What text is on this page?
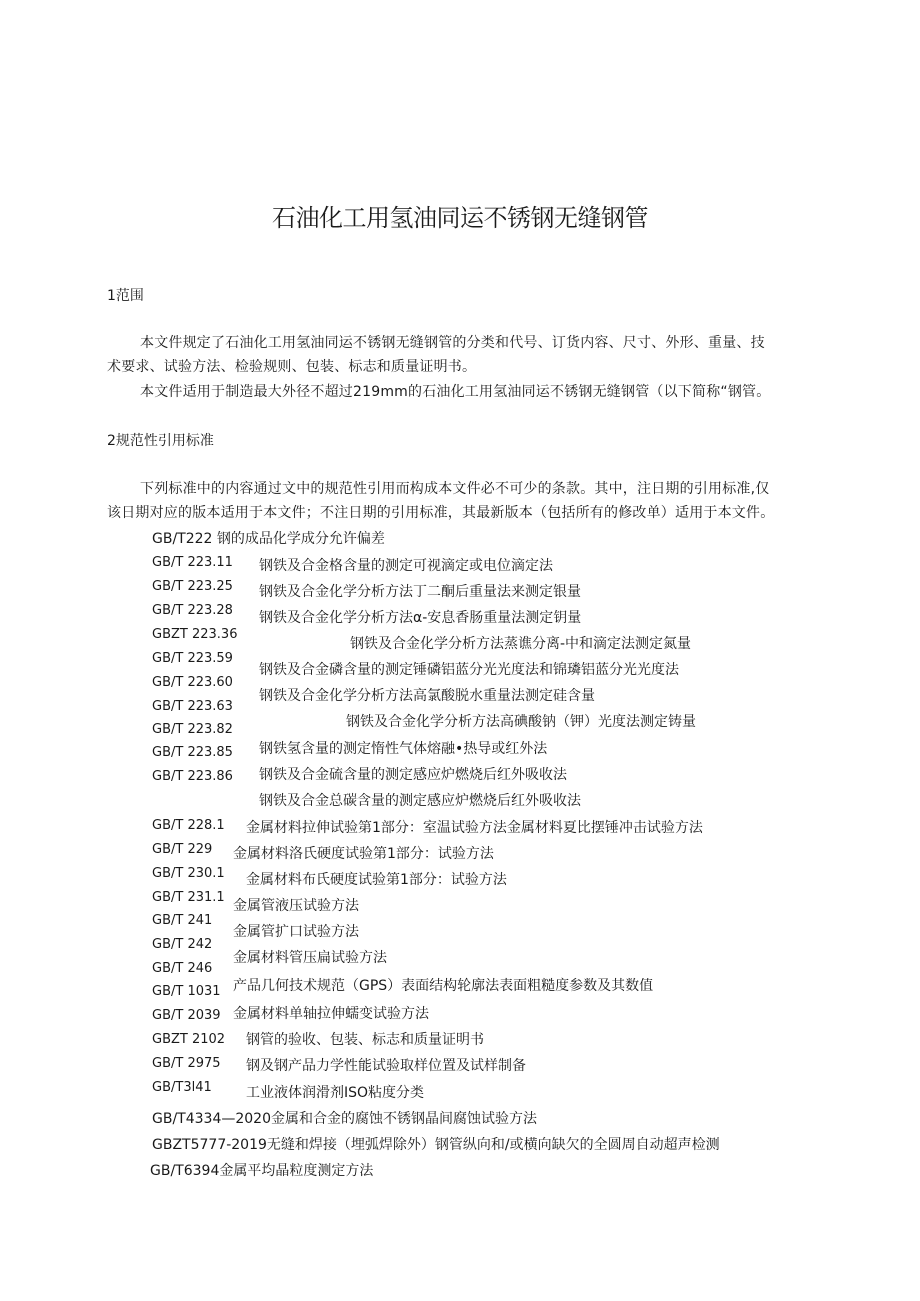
石油化工用氢油同运不锈钢无缝钢管
1范围
本文件规定了石油化工用氢油同运不锈钢无缝钢管的分类和代号、订货内容、尺寸、外形、重量、技
术要求、试验方法、检验规则、包装、标志和质量证明书。
本文件适用于制造最大外径不超过219mm的石油化工用氢油同运不锈钢无缝钢管（以下简称“钢管。
2规范性引用标准
下列标准中的内容通过文中的规范性引用而构成本文件必不可少的条款。其中，注日期的引用标准,仅
该日期对应的版本适用于本文件；不注日期的引用标准，其最新版本（包括所有的修改单）适用于本文件。
GB/T222 钢的成品化学成分允许偏差
GB/T 223.11
GB/T 223.25
GB/T 223.28
GBZT 223.36
GB/T 223.59
GB/T 223.60
GB/T 223.63
GB/T 223.82
GB/T 223.85
GB/T 223.86
GB/T 228.1
GB/T 229
GB/T 230.1
GB/T 231.1
GB/T 241
GB/T 242
GB/T 246
GB/T 1031
GB/T 2039
GBZT 2102
GB/T 2975
GB/T3l41
钢铁及合金格含量的测定可视滴定或电位滴定法
钢铁及合金化学分析方法丁二酮后重量法来测定银量
钢铁及合金化学分析方法α-安息香肠重量法测定钥量
钢铁及合金化学分析方法蒸谯分离-中和滴定法测定氮量
钢铁及合金磷含量的测定锤磷铝蓝分光光度法和锦璘铝蓝分光光度法
钢铁及合金化学分析方法高氯酸脱水重量法测定硅含量
钢铁及合金化学分析方法高碘酸钠（钾）光度法测定铸量
钢铁氢含量的测定惰性气体熔融•热导或红外法
钢铁及合金硫含量的测定感应炉燃烧后红外吸收法
钢铁及合金总碳含量的测定感应炉燃烧后红外吸收法
金属材料拉伸试验第1部分：室温试验方法金属材料夏比摆锤冲击试验方法
金属材料洛氏硬度试验第1部分：试验方法
金属材料布氏硬度试验第1部分：试验方法
金属管液压试验方法
金属管扩口试验方法
金属材料管压扁试验方法
产品几何技术规范（GPS）表面结构轮廓法表面粗糙度参数及其数值
金属材料单轴拉伸蠕变试验方法
钢管的验收、包装、标志和质量证明书
钢及钢产品力学性能试验取样位置及试样制备
工业液体润滑剂ISO粘度分类
GB/T4334—2020金属和合金的腐蚀不锈钢晶间腐蚀试验方法
GBZT5777-2019无缝和焊接（埋弧焊除外）钢管纵向和/或横向缺欠的全圆周自动超声检测
GB/T6394金属平均晶粒度测定方法
